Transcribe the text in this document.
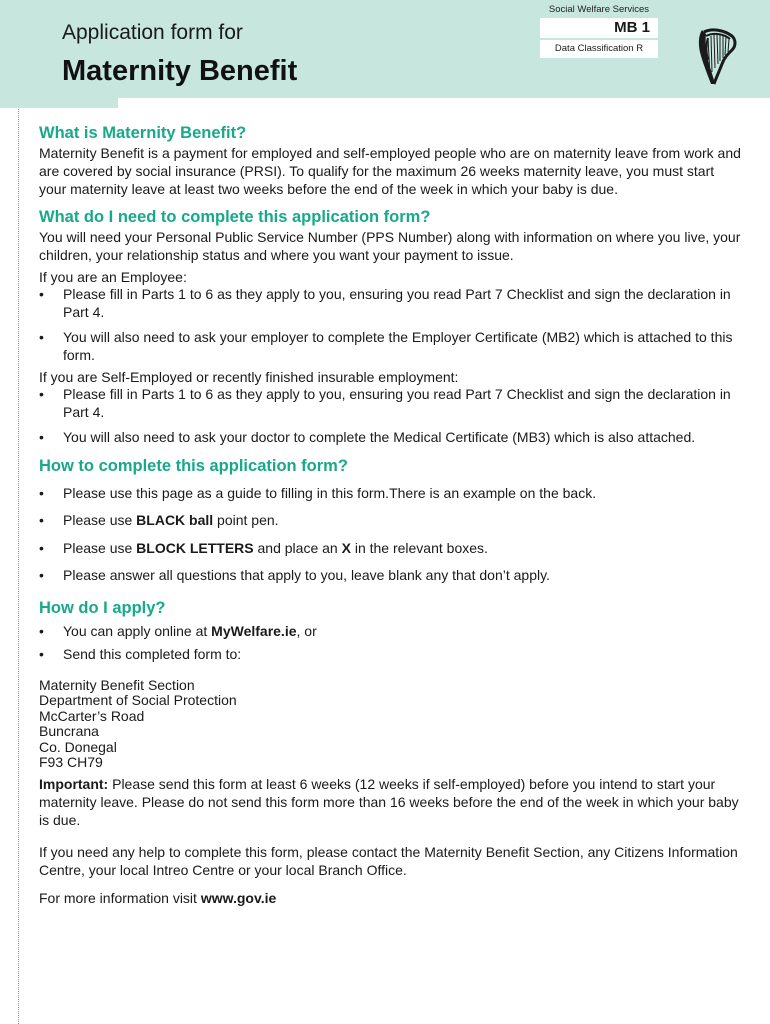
Application form for
Maternity Benefit
Social Welfare Services
MB 1
Data Classification R
What is Maternity Benefit?

Maternity Benefit is a payment for employed and self-employed people who are on maternity leave from work and are covered by social insurance (PRSI). To qualify for the maximum 26 weeks maternity leave, you must start your maternity leave at least two weeks before the end of the week in which your baby is due.

What do I need to complete this application form?

You will need your Personal Public Service Number (PPS Number) along with information on where you live, your children, your relationship status and where you want your payment to issue.

If you are an Employee:

• Please fill in Parts 1 to 6 as they apply to you, ensuring you read Part 7 Checklist and sign the declaration in Part 4.
• You will also need to ask your employer to complete the Employer Certificate (MB2) which is attached to this form.

If you are Self-Employed or recently finished insurable employment:

• Please fill in Parts 1 to 6 as they apply to you, ensuring you read Part 7 Checklist and sign the declaration in Part 4.
• You will also need to ask your doctor to complete the Medical Certificate (MB3) which is also attached.
How to complete this application form?
• Please use this page as a guide to filling in this form.There is an example on the back.
• Please use BLACK ball point pen.
• Please use BLOCK LETTERS and place an X in the relevant boxes.
• Please answer all questions that apply to you, leave blank any that don’t apply.
How do I apply?
• You can apply online at MyWelfare.ie, or
• Send this completed form to:

Maternity Benefit Section

Department of Social Protection

McCarter’s Road

Buncrana

Co. Donegal

F93 CH79

Important: Please send this form at least 6 weeks (12 weeks if self-employed) before you intend to start your maternity leave. Please do not send this form more than 16 weeks before the end of the week in which your baby is due.

If you need any help to complete this form, please contact the Maternity Benefit Section, any Citizens Information Centre, your local Intreo Centre or your local Branch Office.

For more information visit www.gov.ie
